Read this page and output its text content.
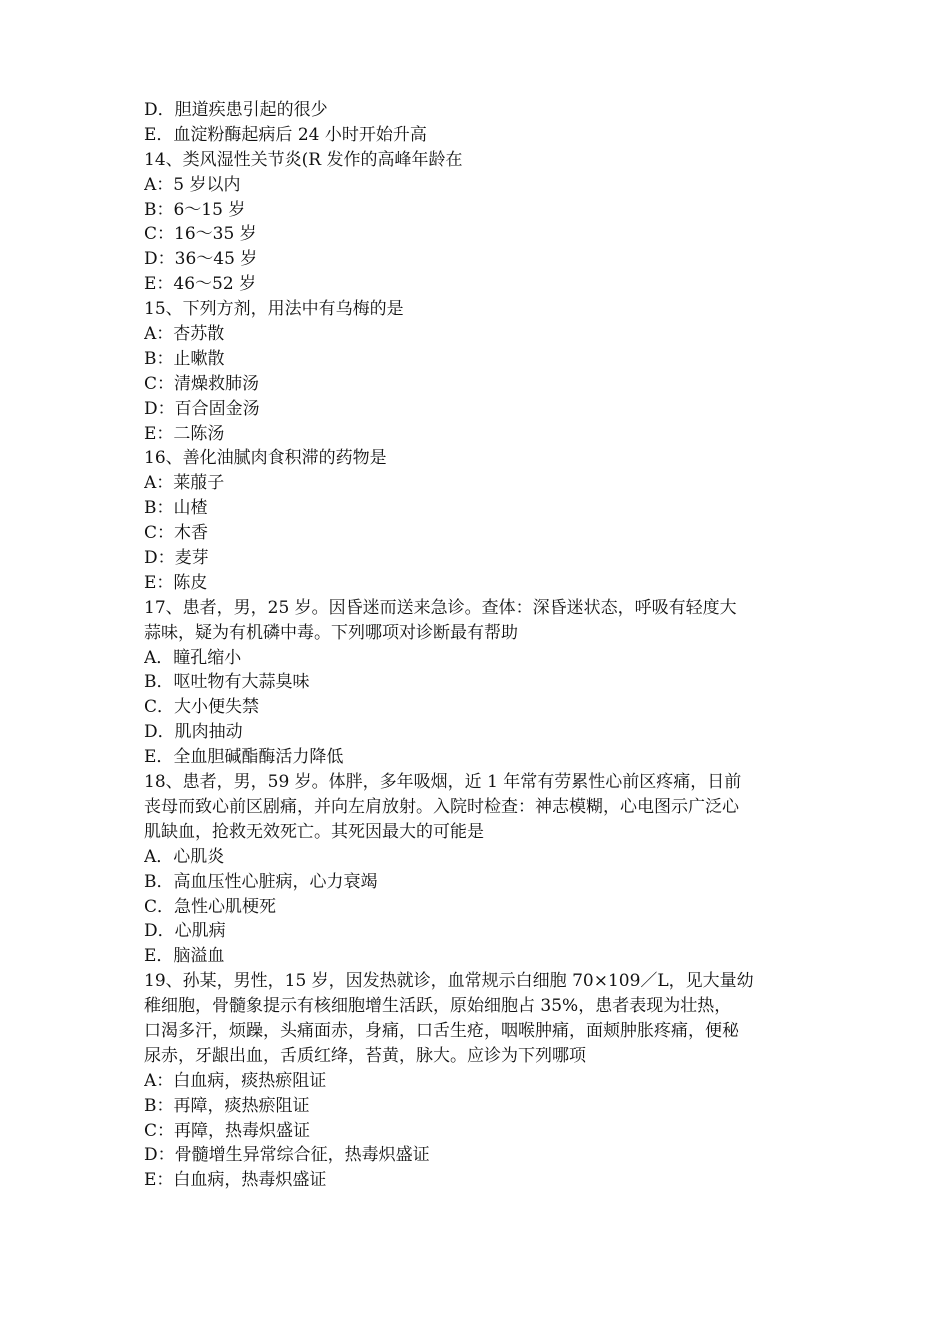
D．胆道疾患引起的很少
E．血淀粉酶起病后 24 小时开始升高
14、类风湿性关节炎(R 发作的高峰年龄在
A：5 岁以内
B：6～15 岁
C：16～35 岁
D：36～45 岁
E：46～52 岁
15、下列方剂，用法中有乌梅的是
A：杏苏散
B：止嗽散
C：清燥救肺汤
D：百合固金汤
E：二陈汤
16、善化油腻肉食积滞的药物是
A：莱菔子
B：山楂
C：木香
D：麦芽
E：陈皮
17、患者，男，25 岁。因昏迷而送来急诊。查体：深昏迷状态，呼吸有轻度大
蒜味，疑为有机磷中毒。下列哪项对诊断最有帮助
A．瞳孔缩小
B．呕吐物有大蒜臭味
C．大小便失禁
D．肌肉抽动
E．全血胆碱酯酶活力降低
18、患者，男，59 岁。体胖，多年吸烟，近 1 年常有劳累性心前区疼痛，日前
丧母而致心前区剧痛，并向左肩放射。入院时检查：神志模糊，心电图示广泛心
肌缺血，抢救无效死亡。其死因最大的可能是
A．心肌炎
B．高血压性心脏病，心力衰竭
C．急性心肌梗死
D．心肌病
E．脑溢血
19、孙某，男性，15 岁，因发热就诊，血常规示白细胞 70×109／L，见大量幼
稚细胞，骨髓象提示有核细胞增生活跃，原始细胞占 35%，患者表现为壮热，
口渴多汗，烦躁，头痛面赤，身痛，口舌生疮，咽喉肿痛，面颊肿胀疼痛，便秘
尿赤，牙龈出血，舌质红绛，苔黄，脉大。应诊为下列哪项
A：白血病，痰热瘀阻证
B：再障，痰热瘀阻证
C：再障，热毒炽盛证
D：骨髓增生异常综合征，热毒炽盛证
E：白血病，热毒炽盛证
